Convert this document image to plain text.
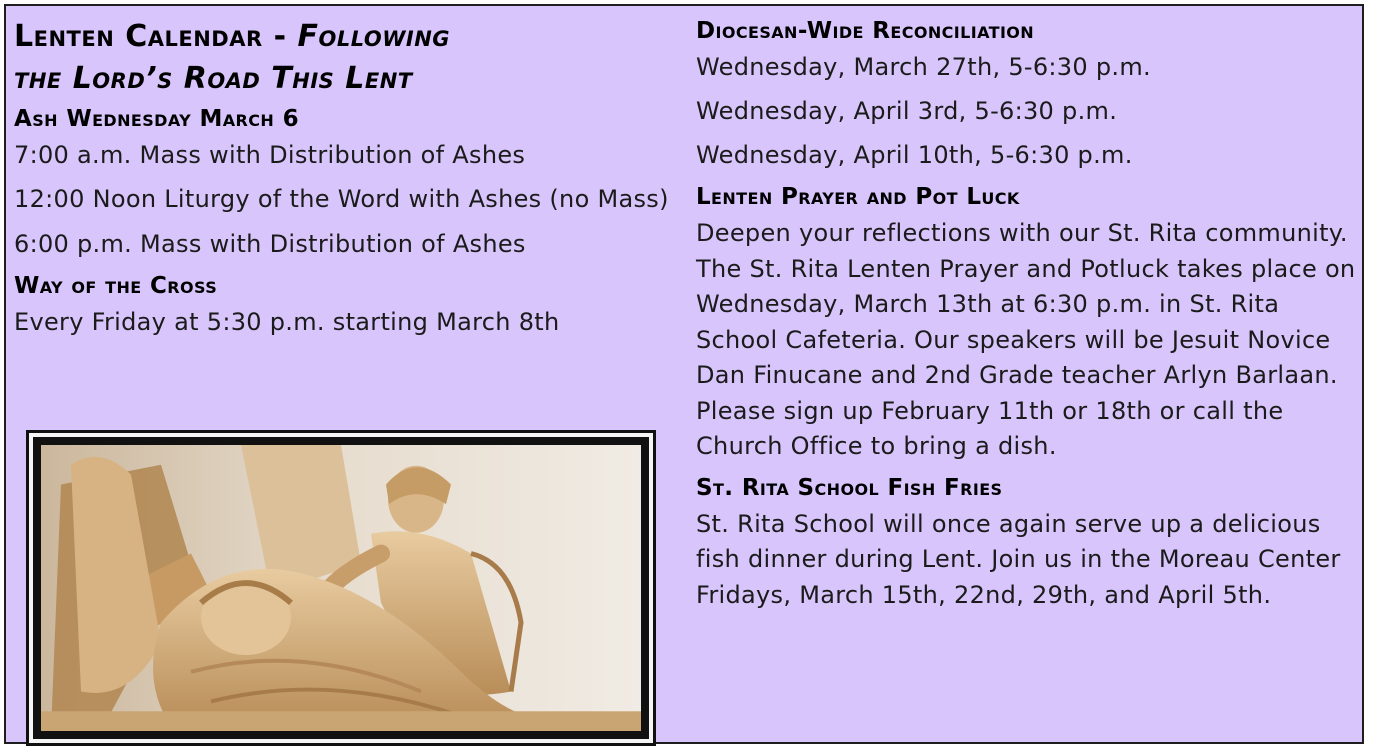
Lenten Calendar - Following
the Lord’s Road This Lent
Ash Wednesday March 6
7:00 a.m. Mass with Distribution of Ashes
12:00 Noon Liturgy of the Word with Ashes (no Mass)
6:00 p.m. Mass with Distribution of Ashes
Way of the Cross
Every Friday at 5:30 p.m. starting March 8th
Diocesan-Wide Reconciliation
Wednesday, March 27th, 5-6:30 p.m.
Wednesday, April 3rd, 5-6:30 p.m.
Wednesday, April 10th, 5-6:30 p.m.
Lenten Prayer and Pot Luck
Deepen your reflections with our St. Rita community. The St. Rita Lenten Prayer and Potluck takes place on Wednesday, March 13th at 6:30 p.m. in St. Rita School Cafeteria. Our speakers will be Jesuit Novice Dan Finucane and 2nd Grade teacher Arlyn Barlaan. Please sign up February 11th or 18th or call the Church Office to bring a dish.
St. Rita School Fish Fries
St. Rita School will once again serve up a delicious fish dinner during Lent. Join us in the Moreau Center Fridays, March 15th, 22nd, 29th, and April 5th.
